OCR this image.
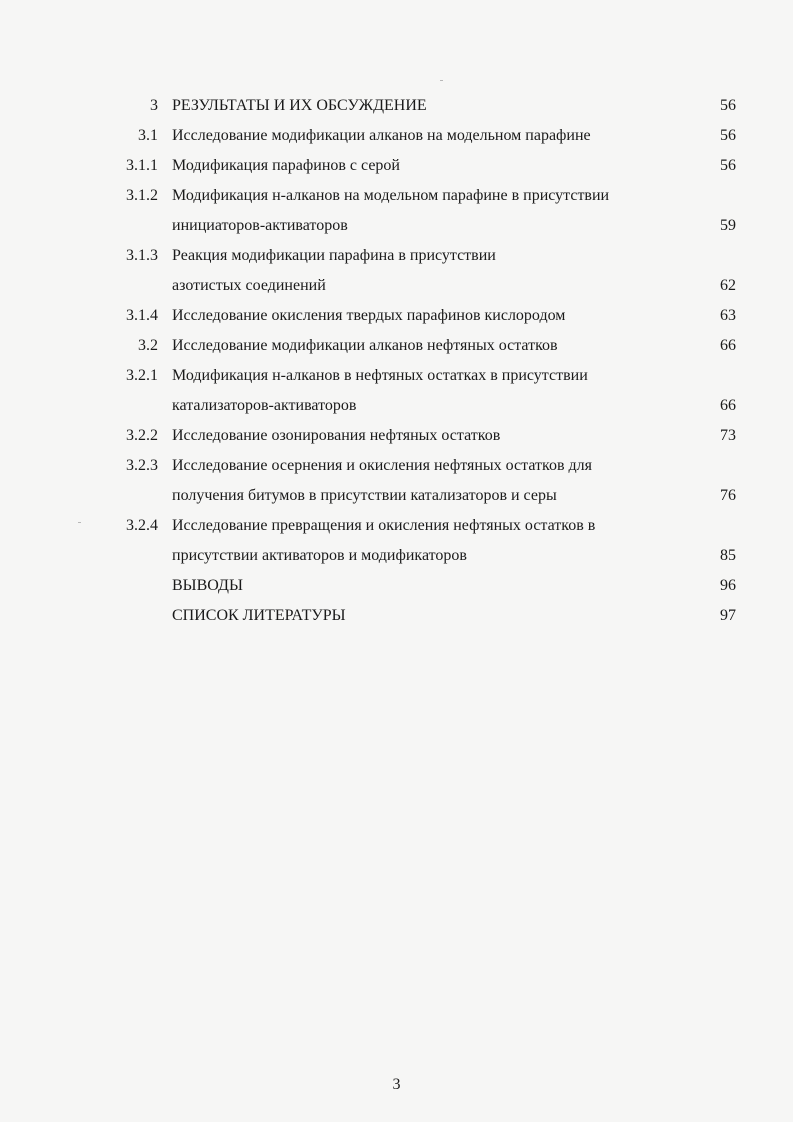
3 РЕЗУЛЬТАТЫ И ИХ ОБСУЖДЕНИЕ	56
3.1 Исследование модификации алканов на модельном парафине	56
3.1.1 Модификация парафинов с серой	56
3.1.2 Модификация н-алканов на модельном парафине в присутствии
инициаторов-активаторов	59
3.1.3 Реакция модификации парафина в присутствии
азотистых соединений	62
3.1.4 Исследование окисления твердых парафинов кислородом	63
3.2 Исследование модификации алканов нефтяных остатков	66
3.2.1 Модификация н-алканов в нефтяных остатках в присутствии
катализаторов-активаторов	66
3.2.2 Исследование озонирования нефтяных остатков	73
3.2.3 Исследование осернения и окисления нефтяных остатков для
получения битумов в присутствии катализаторов и серы	76
3.2.4 Исследование превращения и окисления нефтяных остатков в
присутствии активаторов и модификаторов	85
ВЫВОДЫ	96
СПИСОК ЛИТЕРАТУРЫ	97
3
